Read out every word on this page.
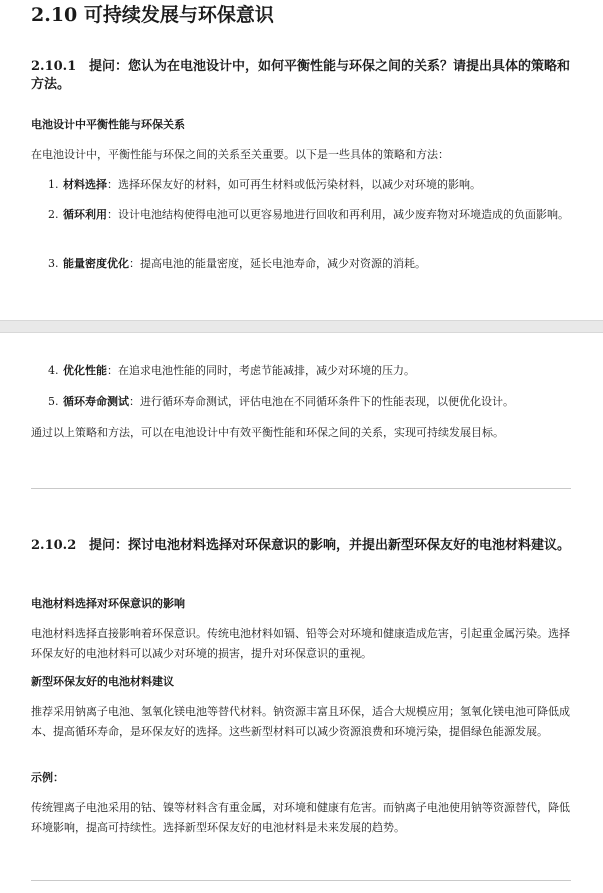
2.10 可持续发展与环保意识
2.10.1 提问：您认为在电池设计中，如何平衡性能与环保之间的关系？请提出具体的策略和方法。
电池设计中平衡性能与环保关系
在电池设计中，平衡性能与环保之间的关系至关重要。以下是一些具体的策略和方法：
1. 材料选择：选择环保友好的材料，如可再生材料或低污染材料，以减少对环境的影响。
2. 循环利用：设计电池结构使得电池可以更容易地进行回收和再利用，减少废弃物对环境造成的负面影响。
3. 能量密度优化：提高电池的能量密度，延长电池寿命，减少对资源的消耗。
4. 优化性能：在追求电池性能的同时，考虑节能减排，减少对环境的压力。
5. 循环寿命测试：进行循环寿命测试，评估电池在不同循环条件下的性能表现，以便优化设计。
通过以上策略和方法，可以在电池设计中有效平衡性能和环保之间的关系，实现可持续发展目标。
2.10.2 提问：探讨电池材料选择对环保意识的影响，并提出新型环保友好的电池材料建议。
电池材料选择对环保意识的影响
电池材料选择直接影响着环保意识。传统电池材料如镉、铅等会对环境和健康造成危害，引起重金属污染。选择环保友好的电池材料可以减少对环境的损害，提升对环保意识的重视。
新型环保友好的电池材料建议
推荐采用钠离子电池、氢氧化镁电池等替代材料。钠资源丰富且环保，适合大规模应用；氢氧化镁电池可降低成本、提高循环寿命，是环保友好的选择。这些新型材料可以减少资源浪费和环境污染，提倡绿色能源发展。
示例：
传统锂离子电池采用的钴、镍等材料含有重金属，对环境和健康有危害。而钠离子电池使用钠等资源替代，降低环境影响，提高可持续性。选择新型环保友好的电池材料是未来发展的趋势。
